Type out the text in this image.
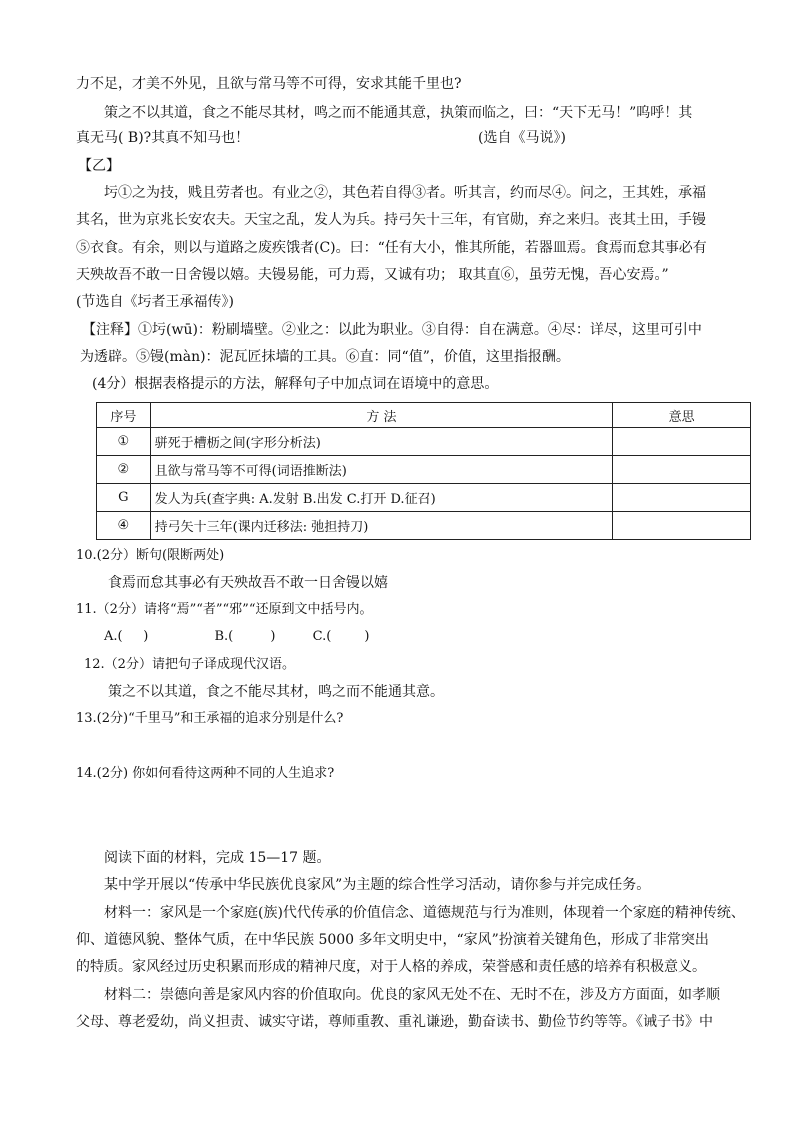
力不足，才美不外见，且欲与常马等不可得，安求其能千里也?
策之不以其道，食之不能尽其材，鸣之而不能通其意，执策而临之，曰：“天下无马！”呜呼！其
真无马( B)?其真不知马也！	(选自《马说》)
【乙】
圬①之为技，贱且劳者也。有业之②，其色若自得③者。听其言，约而尽④。问之，王其姓，承福
其名，世为京兆长安农夫。天宝之乱，发人为兵。持弓矢十三年，有官勋，弃之来归。丧其土田，手镘
⑤衣食。有余，则以与道路之废疾饿者(C)。曰：“任有大小，惟其所能，若器皿焉。食焉而怠其事必有
天殃故吾不敢一日舍镘以嬉。夫镘易能，可力焉，又诚有功； 取其直⑥，虽劳无愧，吾心安焉。”
(节选自《圬者王承福传》)
【注释】①圬(wū)：粉刷墙壁。②业之：以此为职业。③自得：自在满意。④尽：详尽，这里可引中
为透辟。⑤镘(màn)：泥瓦匠抹墙的工具。⑥直：同“值”，价值，这里指报酬。
(4分）根据表格提示的方法，解释句子中加点词在语境中的意思。
序号	方 法	意思
①	骈死于槽枥之间(字形分析法)	
②	且欲与常马等不可得(词语推断法)	
G	发人为兵(查字典: A.发射 B.出发 C.打开 D.征召)	
④	持弓矢十三年(课内迁移法: 弛担持刀)	
10.(2分）断句(限断两处)
食焉而怠其事必有天殃故吾不敢一日舍镘以嬉
11.（2分）请将“焉”“者”“邪”“还原到文中括号内。
A.(     )                B.(         )         C.(        )
12.（2分）请把句子译成现代汉语。
策之不以其道，食之不能尽其材，鸣之而不能通其意。
13.(2分)“千里马”和王承福的追求分别是什么?
14.(2分) 你如何看待这两种不同的人生追求?
阅读下面的材料，完成 15—17 题。
某中学开展以“传承中华民族优良家风”为主题的综合性学习活动，请你参与并完成任务。
材料一：家风是一个家庭(族)代代传承的价值信念、道德规范与行为准则，体现着一个家庭的精神传统、
仰、道德风貌、整体气质，在中华民族 5000 多年文明史中，“家风”扮演着关键角色，形成了非常突出
的特质。家风经过历史积累而形成的精神尺度，对于人格的养成，荣誉感和责任感的培养有积极意义。
材料二：崇德向善是家风内容的价值取向。优良的家风无处不在、无时不在，涉及方方面面，如孝顺
父母、尊老爱幼，尚义担责、诚实守诺，尊师重教、重礼谦逊，勤奋读书、勤俭节约等等。《诫子书》中
